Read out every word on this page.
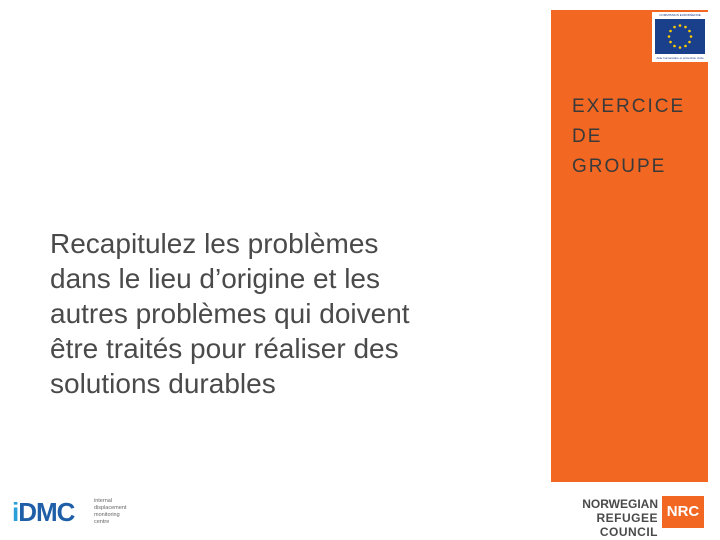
COMMISSION EUROPÉENNE
Aide humanitaire et protection civile
EXERCICE
DE
GROUPE
Recapitulez les problèmes
dans le lieu d’origine et les
autres problèmes qui doivent
être traités pour réaliser des
solutions durables
iDMC	internal
displacement
monitoring
centre
NORWEGIAN
REFUGEE COUNCIL
NRC
